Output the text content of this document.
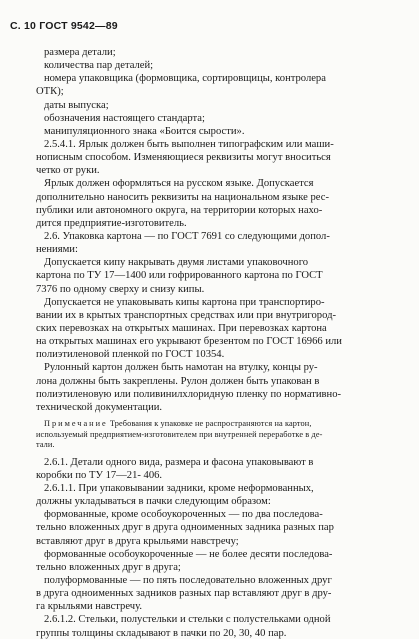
С. 10 ГОСТ 9542—89
размера детали;
количества пар деталей;
номера упаковщика (формовщика, сортировщицы, контролера
ОТК);
даты выпуска;
обозначения настоящего стандарта;
манипуляционного знака «Боится сырости».
2.5.4.1. Ярлык должен быть выполнен типографским или маши-
нописным способом. Изменяющиеся реквизиты могут вноситься
четко от руки.
Ярлык должен оформляться на русском языке. Допускается
дополнительно наносить реквизиты на национальном языке рес-
публики или автономного округа, на территории которых нахо-
дится предприятие-изготовитель.
2.6. Упаковка картона — по ГОСТ 7691 со следующими допол-
нениями:
Допускается кипу накрывать двумя листами упаковочного
картона по ТУ 17—1400 или гофрированного картона по ГОСТ
7376 по одному сверху и снизу кипы.
Допускается не упаковывать кипы картона при транспортиро-
вании их в крытых транспортных средствах или при внутригород-
ских перевозках на открытых машинах. При перевозках картона
на открытых машинах его укрывают брезентом по ГОСТ 16966 или
полиэтиленовой пленкой по ГОСТ 10354.
Рулонный картон должен быть намотан на втулку, концы ру-
лона должны быть закреплены. Рулон должен быть упакован в
полиэтиленовую или поливинилхлоридную пленку по нормативно-
технической документации.
Примечание Требования к упаковке не распространяются на картон,
используемый предприятием-изготовителем при внутренней переработке в де-
тали.
2.6.1. Детали одного вида, размера и фасона упаковывают в
коробки по ТУ 17—21- 406.
2.6.1.1. При упаковывании задники, кроме неформованных,
должны укладываться в пачки следующим образом:
формованные, кроме особоукороченных — по два последова-
тельно вложенных друг в друга одноименных задника разных пар
вставляют друг в друга крыльями навстречу;
формованные особоукороченные — не более десяти последова-
тельно вложенных друг в друга;
полуформованные — по пять последовательно вложенных друг
в друга одноименных задников разных пар вставляют друг в дру-
га крыльями навстречу.
2.6.1.2. Стельки, полустельки и стельки с полустельками одной
группы толщины складывают в пачки по 20, 30, 40 пар.
